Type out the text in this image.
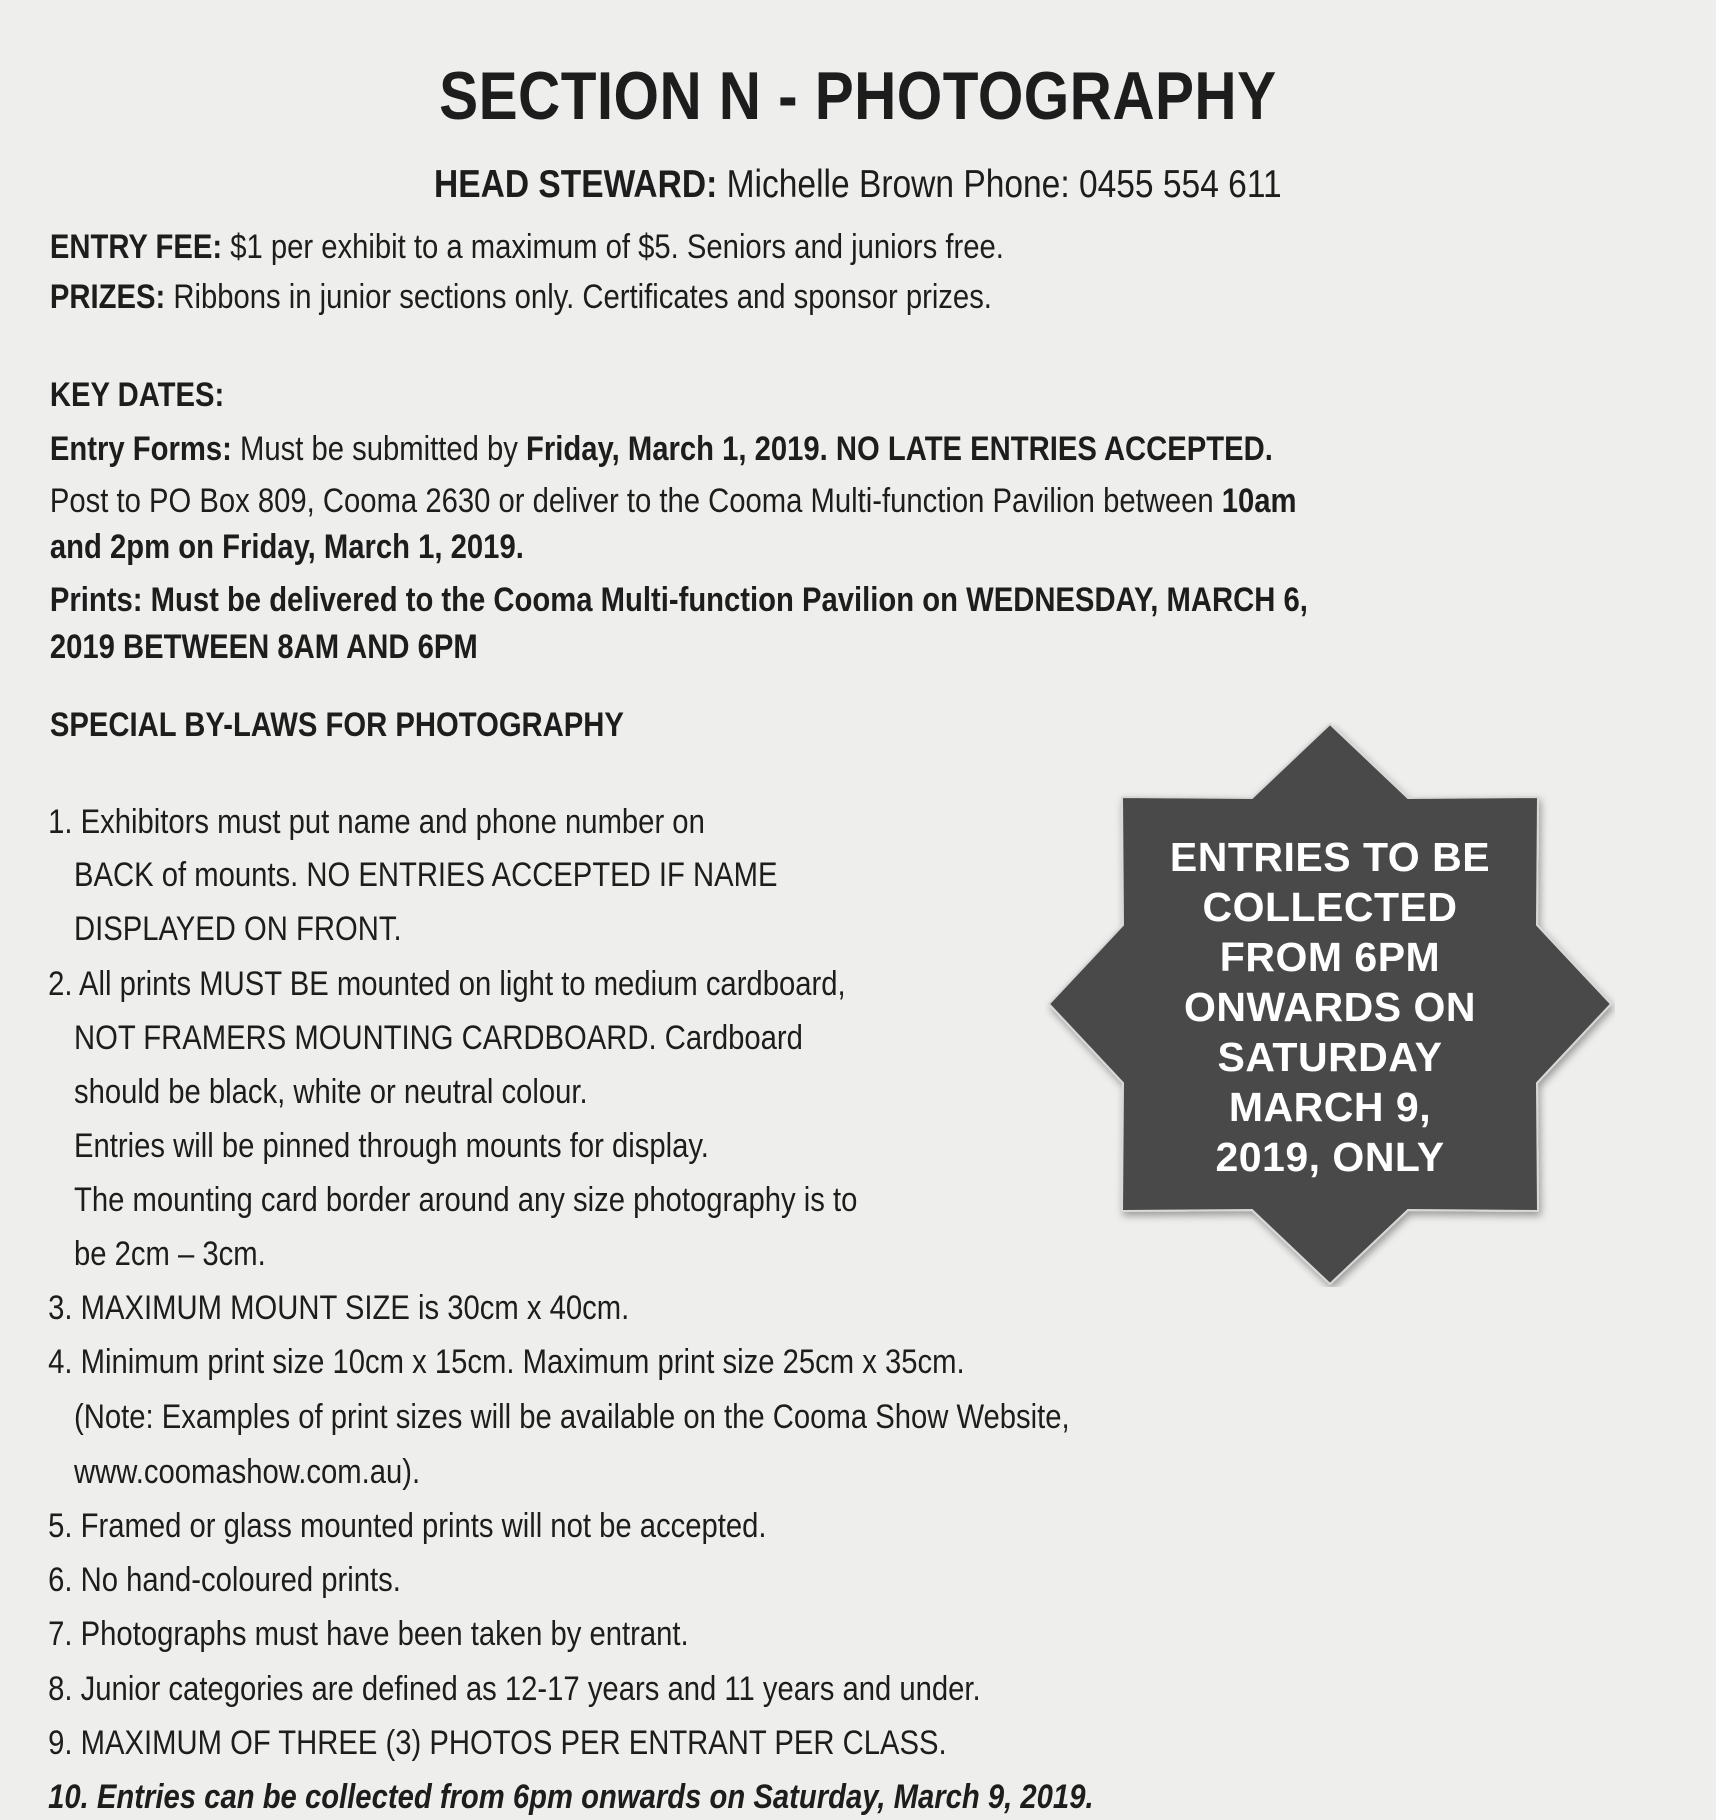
SECTION N - PHOTOGRAPHY
HEAD STEWARD: Michelle Brown Phone: 0455 554 611
ENTRY FEE: $1 per exhibit to a maximum of $5. Seniors and juniors free.
PRIZES: Ribbons in junior sections only. Certificates and sponsor prizes.
KEY DATES:
Entry Forms: Must be submitted by Friday, March 1, 2019. NO LATE ENTRIES ACCEPTED.
Post to PO Box 809, Cooma 2630 or deliver to the Cooma Multi-function Pavilion between 10am
and 2pm on Friday, March 1, 2019.
Prints: Must be delivered to the Cooma Multi-function Pavilion on WEDNESDAY, MARCH 6,
2019 BETWEEN 8AM AND 6PM
SPECIAL BY-LAWS FOR PHOTOGRAPHY
1. Exhibitors must put name and phone number on
BACK of mounts. NO ENTRIES ACCEPTED IF NAME
DISPLAYED ON FRONT.
2. All prints MUST BE mounted on light to medium cardboard,
NOT FRAMERS MOUNTING CARDBOARD. Cardboard
should be black, white or neutral colour.
Entries will be pinned through mounts for display.
The mounting card border around any size photography is to
be 2cm – 3cm.
3. MAXIMUM MOUNT SIZE is 30cm x 40cm.
4. Minimum print size 10cm x 15cm. Maximum print size 25cm x 35cm.
(Note: Examples of print sizes will be available on the Cooma Show Website,
www.coomashow.com.au).
5. Framed or glass mounted prints will not be accepted.
6. No hand-coloured prints.
7. Photographs must have been taken by entrant.
8. Junior categories are defined as 12-17 years and 11 years and under.
9. MAXIMUM OF THREE (3) PHOTOS PER ENTRANT PER CLASS.
10. Entries can be collected from 6pm onwards on Saturday, March 9, 2019.
ENTRIES TO BE
COLLECTED
FROM 6PM
ONWARDS ON
SATURDAY
MARCH 9,
2019, ONLY
